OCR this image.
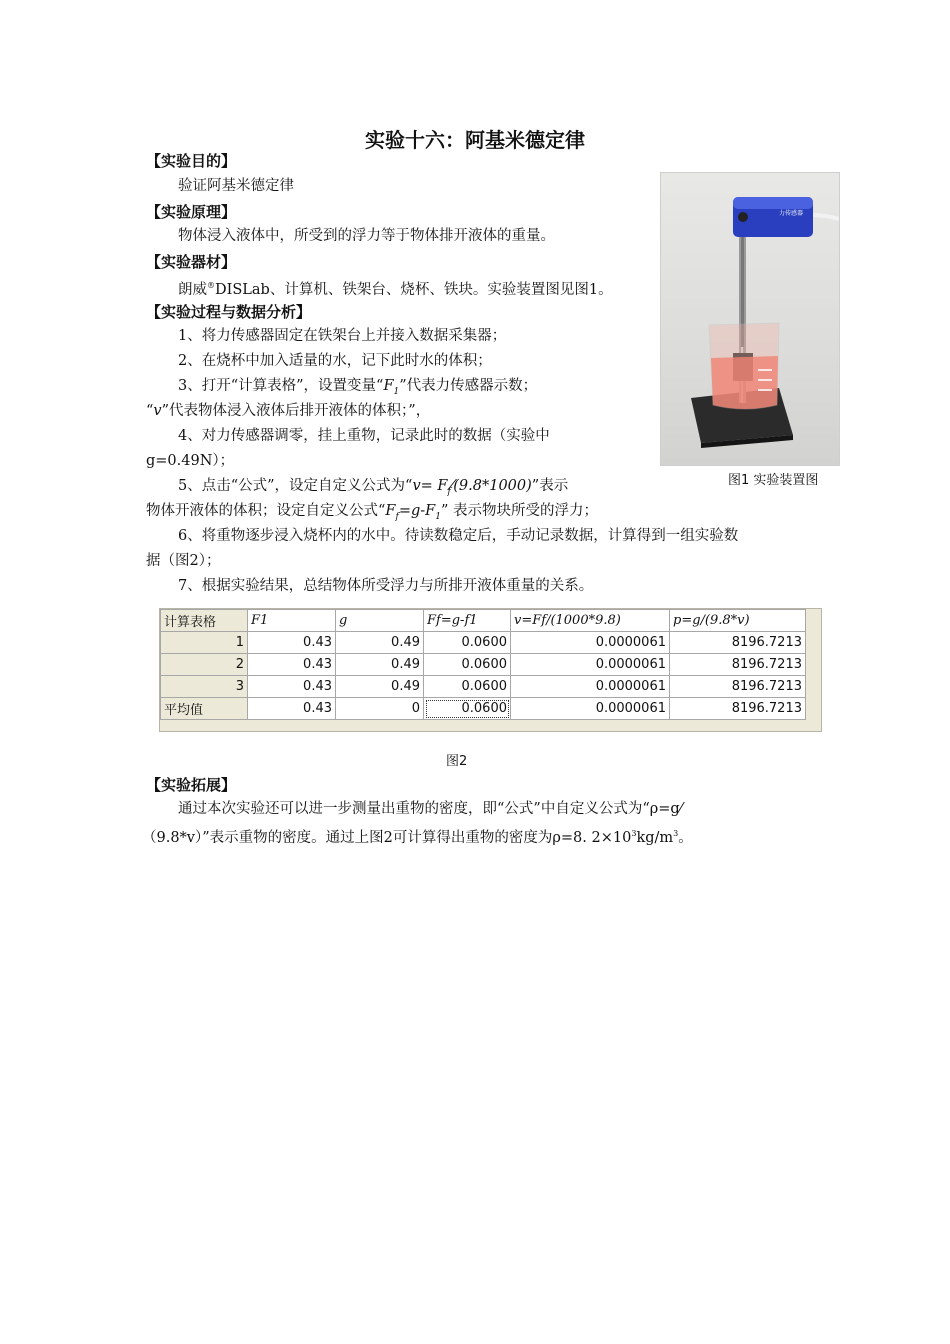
实验十六：阿基米德定律
【实验目的】
验证阿基米德定律
【实验原理】
物体浸入液体中，所受到的浮力等于物体排开液体的重量。
【实验器材】
朗威®DISLab、计算机、铁架台、烧杯、铁块。实验装置图见图1。
【实验过程与数据分析】
1、将力传感器固定在铁架台上并接入数据采集器；
2、在烧杯中加入适量的水，记下此时水的体积；
3、打开“计算表格”，设置变量“$F_1$”代表力传感器示数；
“v”代表物体浸入液体后排开液体的体积；”，
4、对力传感器调零，挂上重物，记录此时的数据（实验中
g=0.49N）；
5、点击“公式”，设定自定义公式为“$v= F_f⁄(9.8*1000)$”表示
物体开液体的体积；设定自定义公式“$F_f=g-F_1$” 表示物块所受的浮力；
6、将重物逐步浸入烧杯内的水中。待读数稳定后，手动记录数据，计算得到一组实验数
据（图2）；
7、根据实验结果，总结物体所受浮力与所排开液体重量的关系。
力传感器
图1 实验装置图
计算表格	F1	g	Ff=g-f1	v=Ff/(1000*9.8)	p=g/(9.8*v)
1	0.43	0.49	0.0600	0.0000061	8196.7213
2	0.43	0.49	0.0600	0.0000061	8196.7213
3	0.43	0.49	0.0600	0.0000061	8196.7213
平均值	0.43	0	0.0600	0.0000061	8196.7213
图2
【实验拓展】
通过本次实验还可以进一步测量出重物的密度，即“公式”中自定义公式为“ρ=g⁄
（9.8*v）”表示重物的密度。通过上图2可计算得出重物的密度为ρ=8. $2\times 10^3kg/m^3$。
